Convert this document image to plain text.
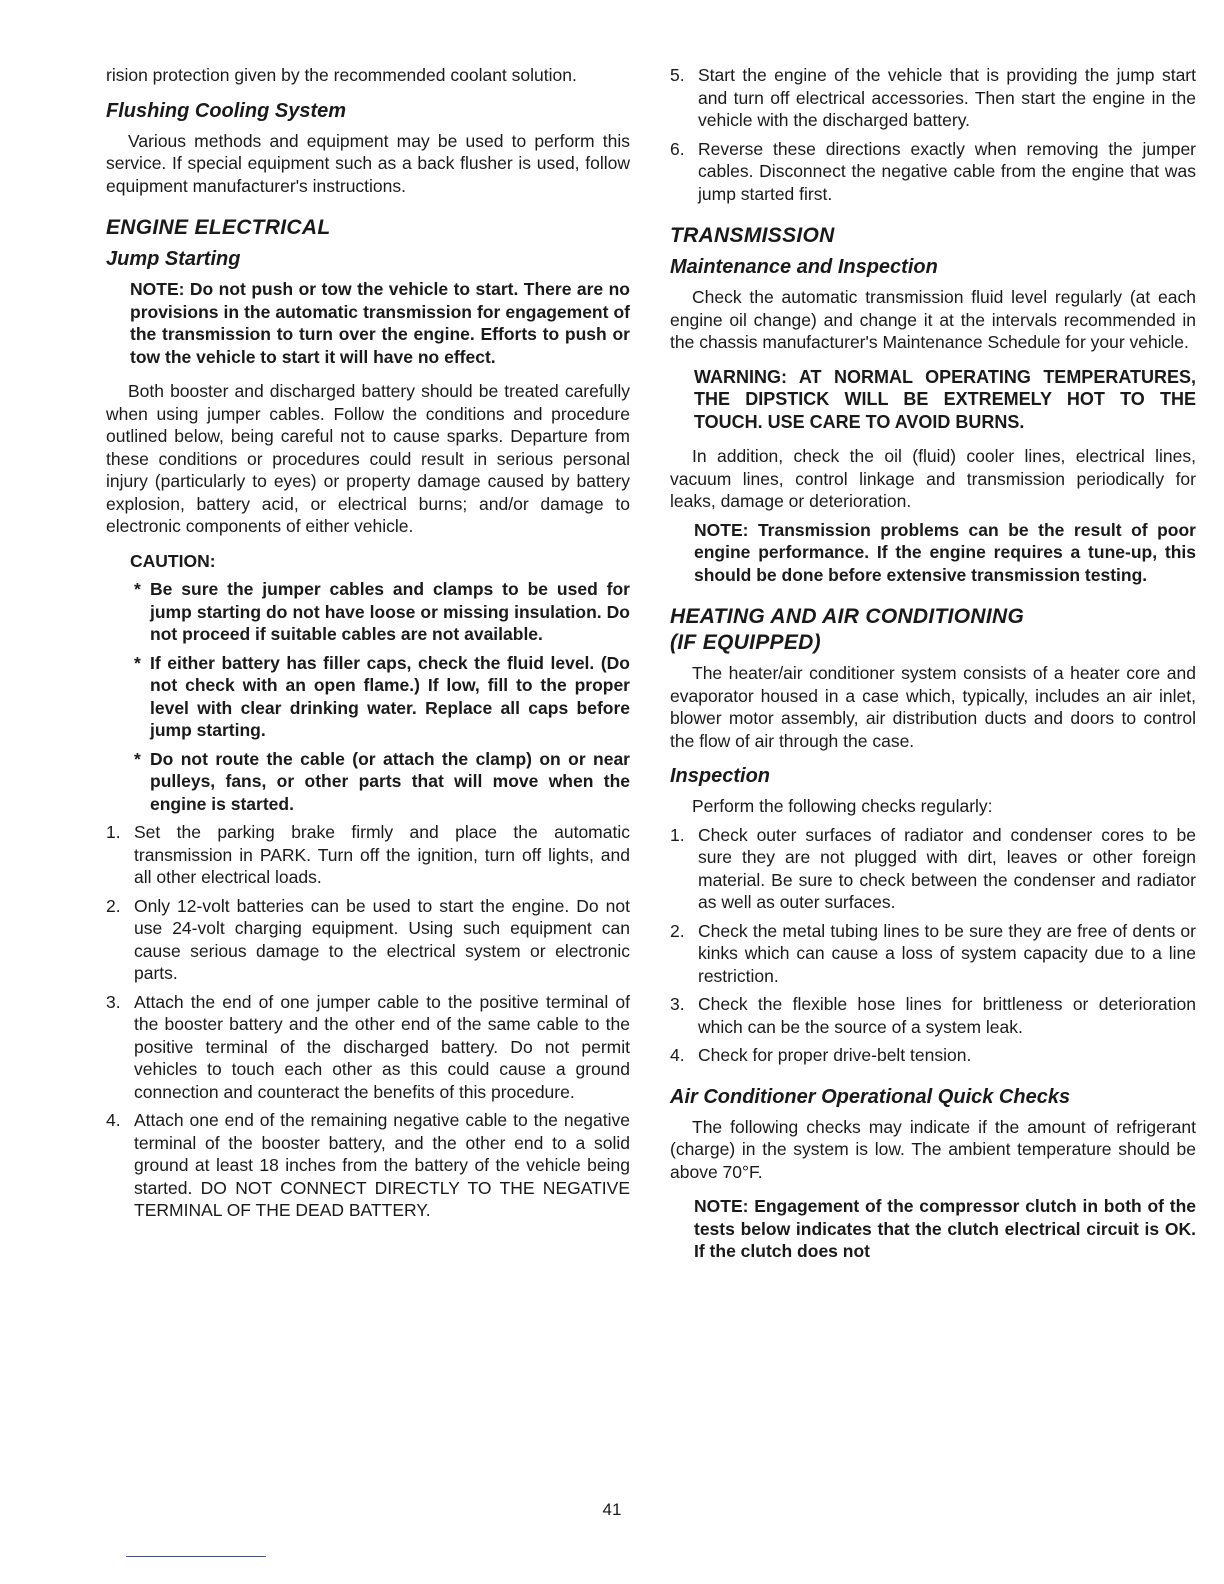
rision protection given by the recommended coolant solution.

Flushing Cooling System

Various methods and equipment may be used to perform this service. If special equipment such as a back flusher is used, follow equipment manufacturer's instructions.

ENGINE ELECTRICAL
Jump Starting

NOTE: Do not push or tow the vehicle to start. There are no provisions in the automatic transmission for engagement of the transmission to turn over the engine. Efforts to push or tow the vehicle to start it will have no effect.

Both booster and discharged battery should be treated carefully when using jumper cables. Follow the conditions and procedure outlined below, being careful not to cause sparks. Departure from these conditions or procedures could result in serious personal injury (particularly to eyes) or property damage caused by battery explosion, battery acid, or electrical burns; and/or damage to electronic components of either vehicle.

CAUTION:

* Be sure the jumper cables and clamps to be used for jump starting do not have loose or missing insulation. Do not proceed if suitable cables are not available.
* If either battery has filler caps, check the fluid level. (Do not check with an open flame.) If low, fill to the proper level with clear drinking water. Replace all caps before jump starting.
* Do not route the cable (or attach the clamp) on or near pulleys, fans, or other parts that will move when the engine is started.
1. Set the parking brake firmly and place the automatic transmission in PARK. Turn off the ignition, turn off lights, and all other electrical loads.
2. Only 12-volt batteries can be used to start the engine. Do not use 24-volt charging equipment. Using such equipment can cause serious damage to the electrical system or electronic parts.
3. Attach the end of one jumper cable to the positive terminal of the booster battery and the other end of the same cable to the positive terminal of the discharged battery. Do not permit vehicles to touch each other as this could cause a ground connection and counteract the benefits of this procedure.
4. Attach one end of the remaining negative cable to the negative terminal of the booster battery, and the other end to a solid ground at least 18 inches from the battery of the vehicle being started. DO NOT CONNECT DIRECTLY TO THE NEGATIVE TERMINAL OF THE DEAD BATTERY.
5. Start the engine of the vehicle that is providing the jump start and turn off electrical accessories. Then start the engine in the vehicle with the discharged battery.
6. Reverse these directions exactly when removing the jumper cables. Disconnect the negative cable from the engine that was jump started first.
TRANSMISSION
Maintenance and Inspection

Check the automatic transmission fluid level regularly (at each engine oil change) and change it at the intervals recommended in the chassis manufacturer's Maintenance Schedule for your vehicle.

WARNING: AT NORMAL OPERATING TEMPERATURES, THE DIPSTICK WILL BE EXTREMELY HOT TO THE TOUCH. USE CARE TO AVOID BURNS.

In addition, check the oil (fluid) cooler lines, electrical lines, vacuum lines, control linkage and transmission periodically for leaks, damage or deterioration.

NOTE: Transmission problems can be the result of poor engine performance. If the engine requires a tune-up, this should be done before extensive transmission testing.

HEATING AND AIR CONDITIONING
(IF EQUIPPED)

The heater/air conditioner system consists of a heater core and evaporator housed in a case which, typically, includes an air inlet, blower motor assembly, air distribution ducts and doors to control the flow of air through the case.

Inspection

Perform the following checks regularly:

1. Check outer surfaces of radiator and condenser cores to be sure they are not plugged with dirt, leaves or other foreign material. Be sure to check between the condenser and radiator as well as outer surfaces.
2. Check the metal tubing lines to be sure they are free of dents or kinks which can cause a loss of system capacity due to a line restriction.
3. Check the flexible hose lines for brittleness or deterioration which can be the source of a system leak.
4. Check for proper drive-belt tension.
Air Conditioner Operational Quick Checks

The following checks may indicate if the amount of refrigerant (charge) in the system is low. The ambient temperature should be above 70°F.

NOTE: Engagement of the compressor clutch in both of the tests below indicates that the clutch electrical circuit is OK. If the clutch does not

41
